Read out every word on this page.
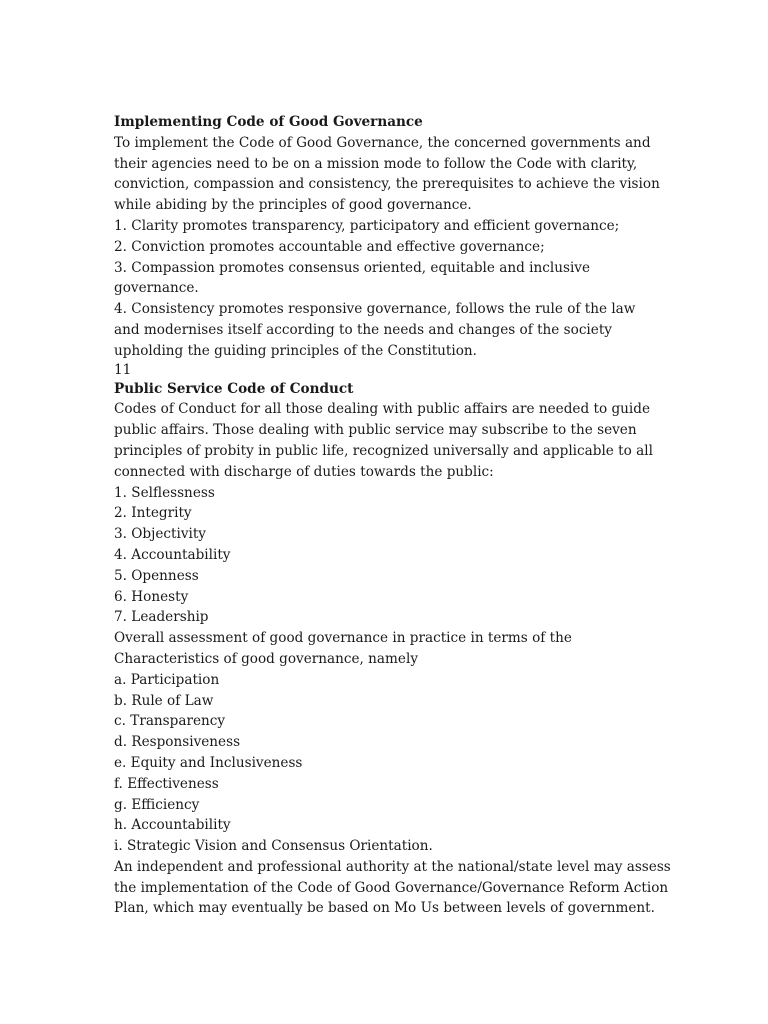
Implementing Code of Good Governance
To implement the Code of Good Governance, the concerned governments and
their agencies need to be on a mission mode to follow the Code with clarity,
conviction, compassion and consistency, the prerequisites to achieve the vision
while abiding by the principles of good governance.
1. Clarity promotes transparency, participatory and efficient governance;
2. Conviction promotes accountable and effective governance;
3. Compassion promotes consensus oriented, equitable and inclusive
governance.
4. Consistency promotes responsive governance, follows the rule of the law
and modernises itself according to the needs and changes of the society
upholding the guiding principles of the Constitution.
11
Public Service Code of Conduct
Codes of Conduct for all those dealing with public affairs are needed to guide
public affairs. Those dealing with public service may subscribe to the seven
principles of probity in public life, recognized universally and applicable to all
connected with discharge of duties towards the public:
1. Selflessness
2. Integrity
3. Objectivity
4. Accountability
5. Openness
6. Honesty
7. Leadership
Overall assessment of good governance in practice in terms of the
Characteristics of good governance, namely
a. Participation
b. Rule of Law
c. Transparency
d. Responsiveness
e. Equity and Inclusiveness
f. Effectiveness
g. Efficiency
h. Accountability
i. Strategic Vision and Consensus Orientation.
An independent and professional authority at the national/state level may assess
the implementation of the Code of Good Governance/Governance Reform Action
Plan, which may eventually be based on Mo Us between levels of government.
